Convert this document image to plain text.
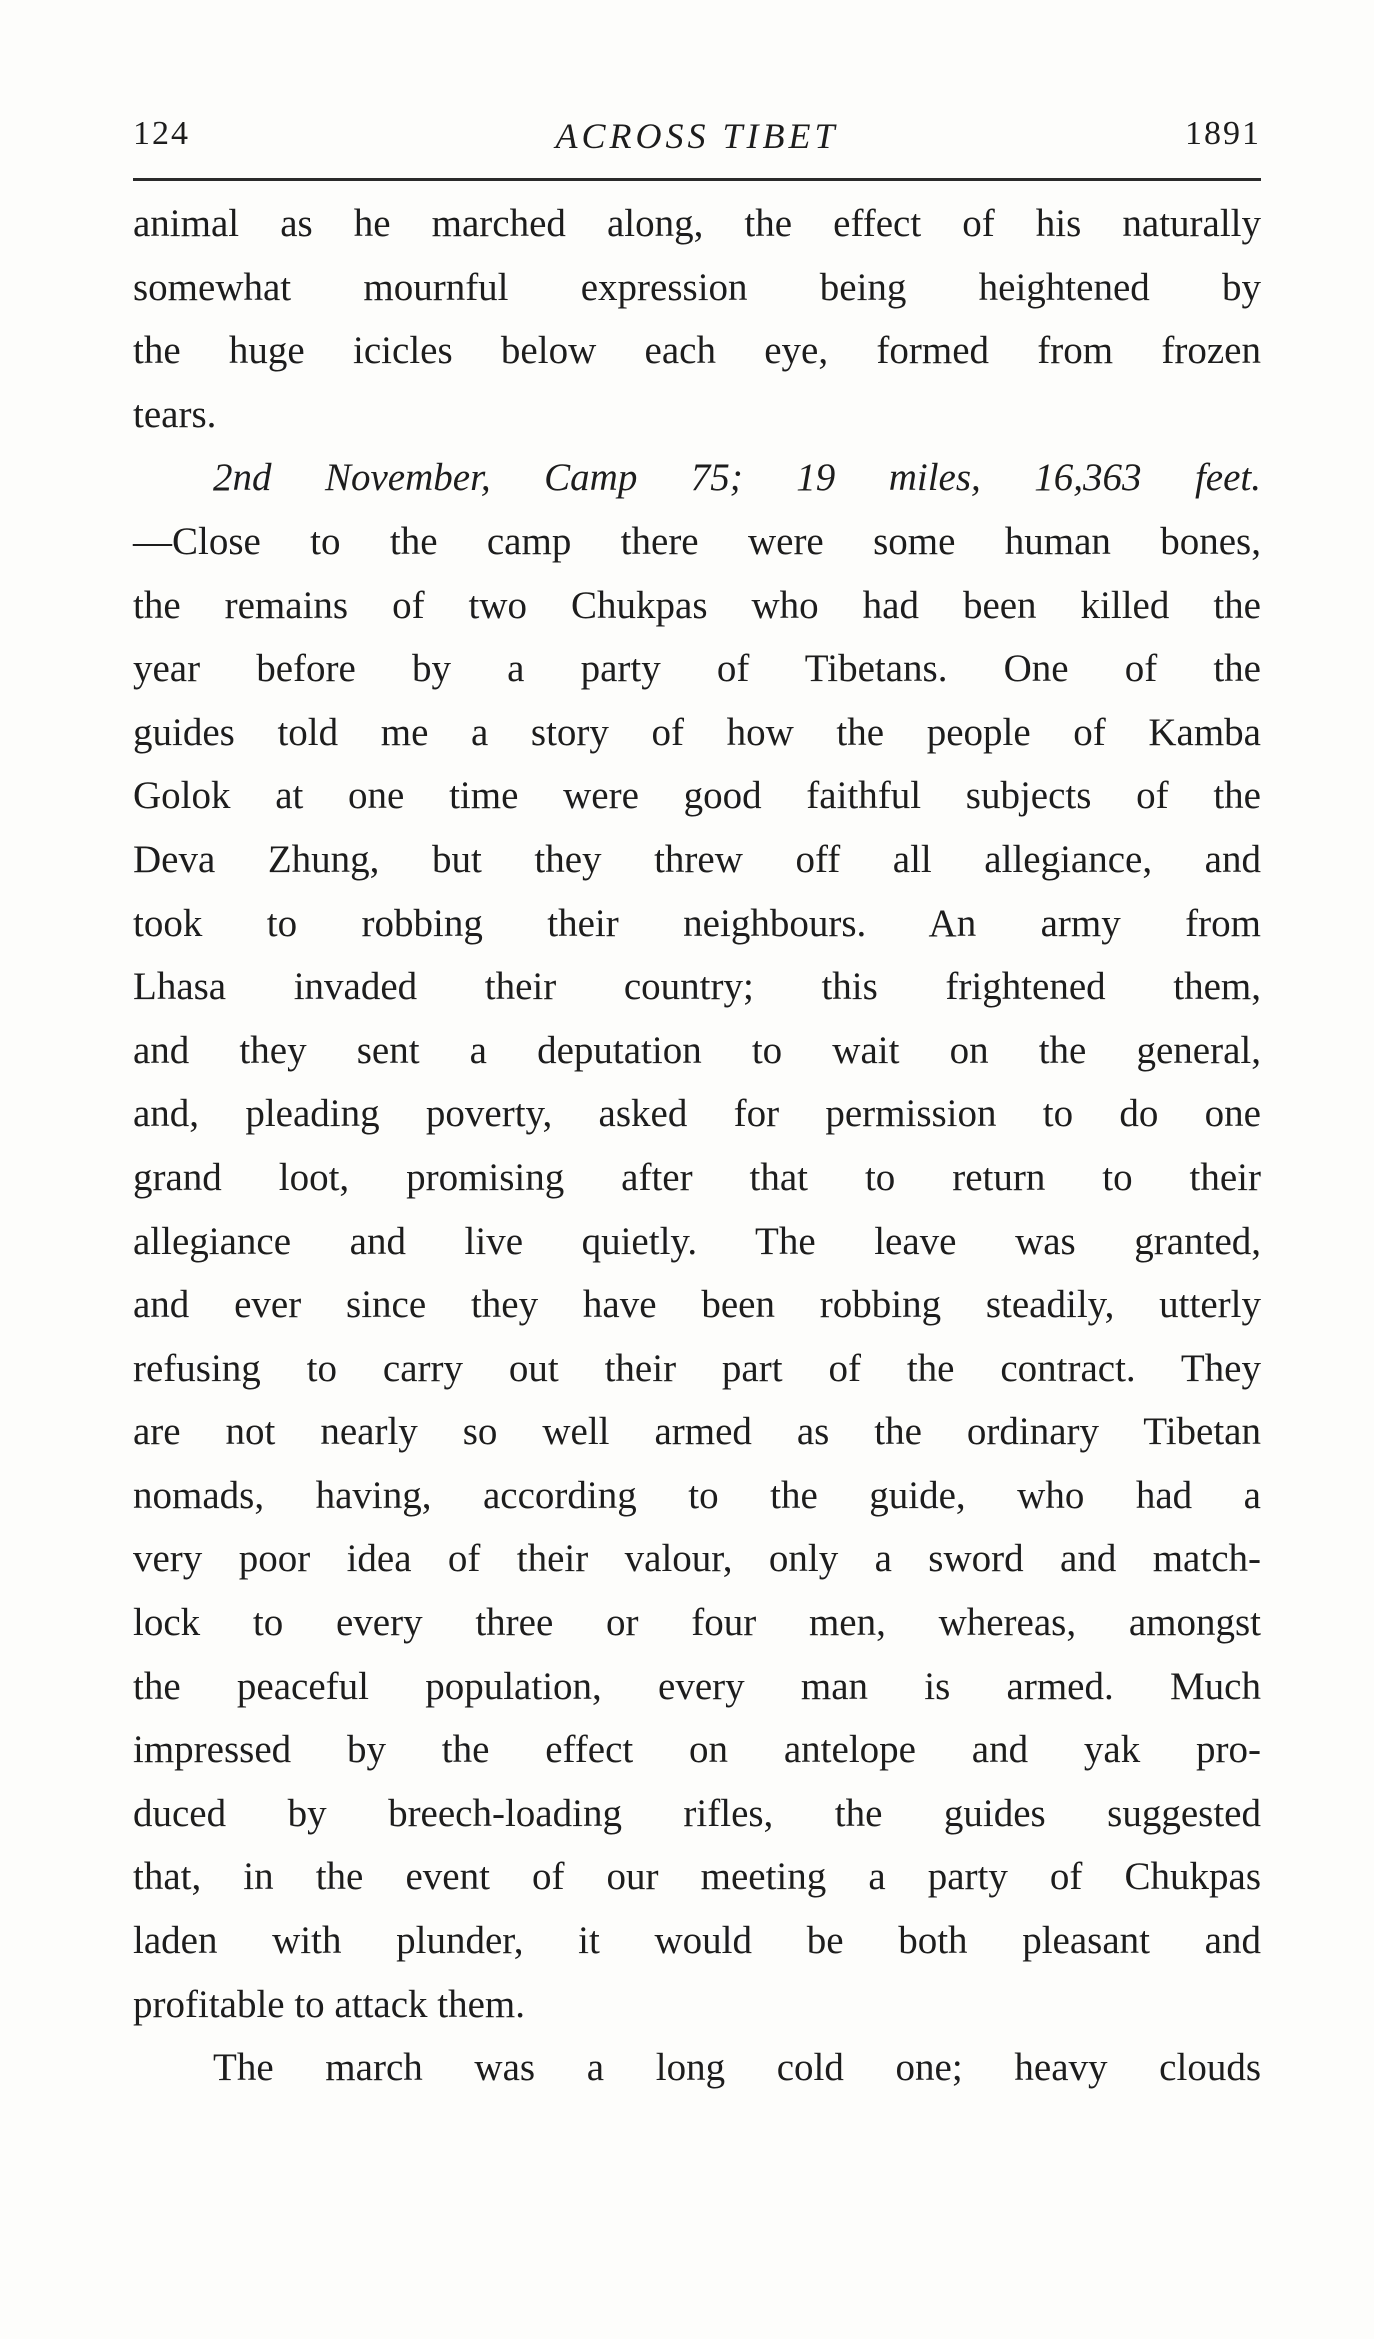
124	ACROSS TIBET	1891
animal as he marched along, the effect of his naturally
somewhat mournful expression being heightened by
the huge icicles below each eye, formed from frozen
tears.
2nd November, Camp 75; 19 miles, 16,363 feet.
—Close to the camp there were some human bones,
the remains of two Chukpas who had been killed the
year before by a party of Tibetans. One of the
guides told me a story of how the people of Kamba
Golok at one time were good faithful subjects of the
Deva Zhung, but they threw off all allegiance, and
took to robbing their neighbours. An army from
Lhasa invaded their country; this frightened them,
and they sent a deputation to wait on the general,
and, pleading poverty, asked for permission to do one
grand loot, promising after that to return to their
allegiance and live quietly. The leave was granted,
and ever since they have been robbing steadily, utterly
refusing to carry out their part of the contract. They
are not nearly so well armed as the ordinary Tibetan
nomads, having, according to the guide, who had a
very poor idea of their valour, only a sword and match-
lock to every three or four men, whereas, amongst
the peaceful population, every man is armed. Much
impressed by the effect on antelope and yak pro-
duced by breech-loading rifles, the guides suggested
that, in the event of our meeting a party of Chukpas
laden with plunder, it would be both pleasant and
profitable to attack them.
The march was a long cold one; heavy clouds
